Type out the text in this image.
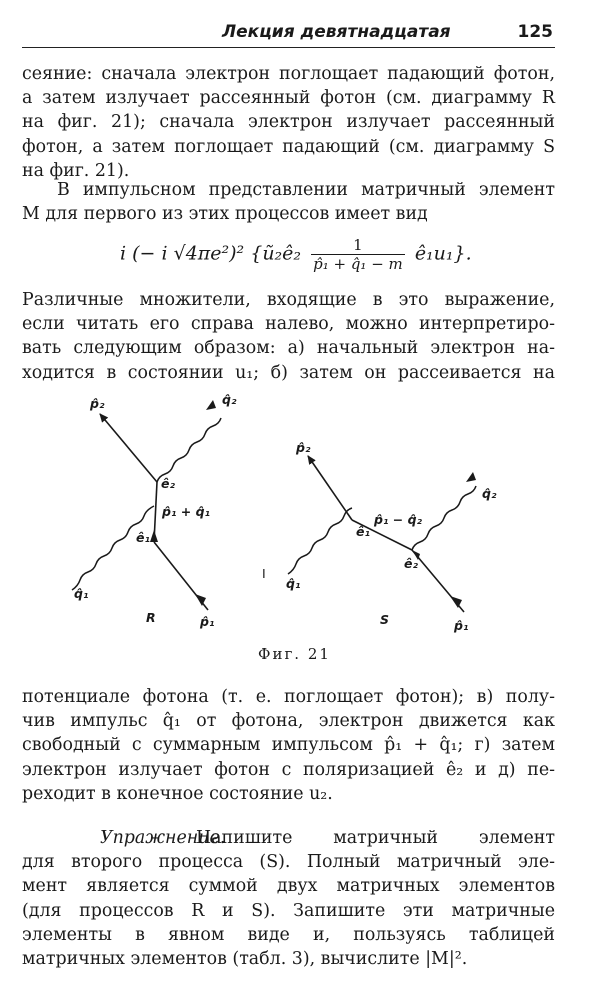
Лекция девятнадцатая	125
сеяние: сначала электрон поглощает падающий фотон,
а затем излучает рассеянный фотон (см. диаграмму R
на фиг. 21); сначала электрон излучает рассеянный
фотон, а затем поглощает падающий (см. диаграмму S
на фиг. 21).
В импульсном представлении матричный элемент
M для первого из этих процессов имеет вид
i (− i √4πe²)² {ũ₂ê₂ $\frac{1}{\text{p̂₁ + q̂₁ − m}}$ ê₁u₁}.
Различные множители, входящие в это выражение,
если читать его справа налево, можно интерпретиро-
вать следующим образом: а) начальный электрон на-
ходится в состоянии u₁; б) затем он рассеивается на
p̂₂	q̂₂
ê₂
p̂₁ + q̂₁
ê₁
q̂₁
R	p̂₁
p̂₂
q̂₂
ê₁
p̂₁ − q̂₂
ê₂
q̂₁
I
S	p̂₁
Фиг. 21
потенциале фотона (т. е. поглощает фотон); в) полу-
чив импульс q̂₁ от фотона, электрон движется как
свободный с суммарным импульсом p̂₁ + q̂₁; г) затем
электрон излучает фотон с поляризацией ê₂ и д) пе-
реходит в конечное состояние u₂.
Упражнение.
Напишите матричный элемент
для второго процесса (S). Полный матричный эле-
мент является суммой двух матричных элементов
(для процессов R и S). Запишите эти матричные
элементы в явном виде и, пользуясь таблицей
матричных элементов (табл. 3), вычислите |M|².
